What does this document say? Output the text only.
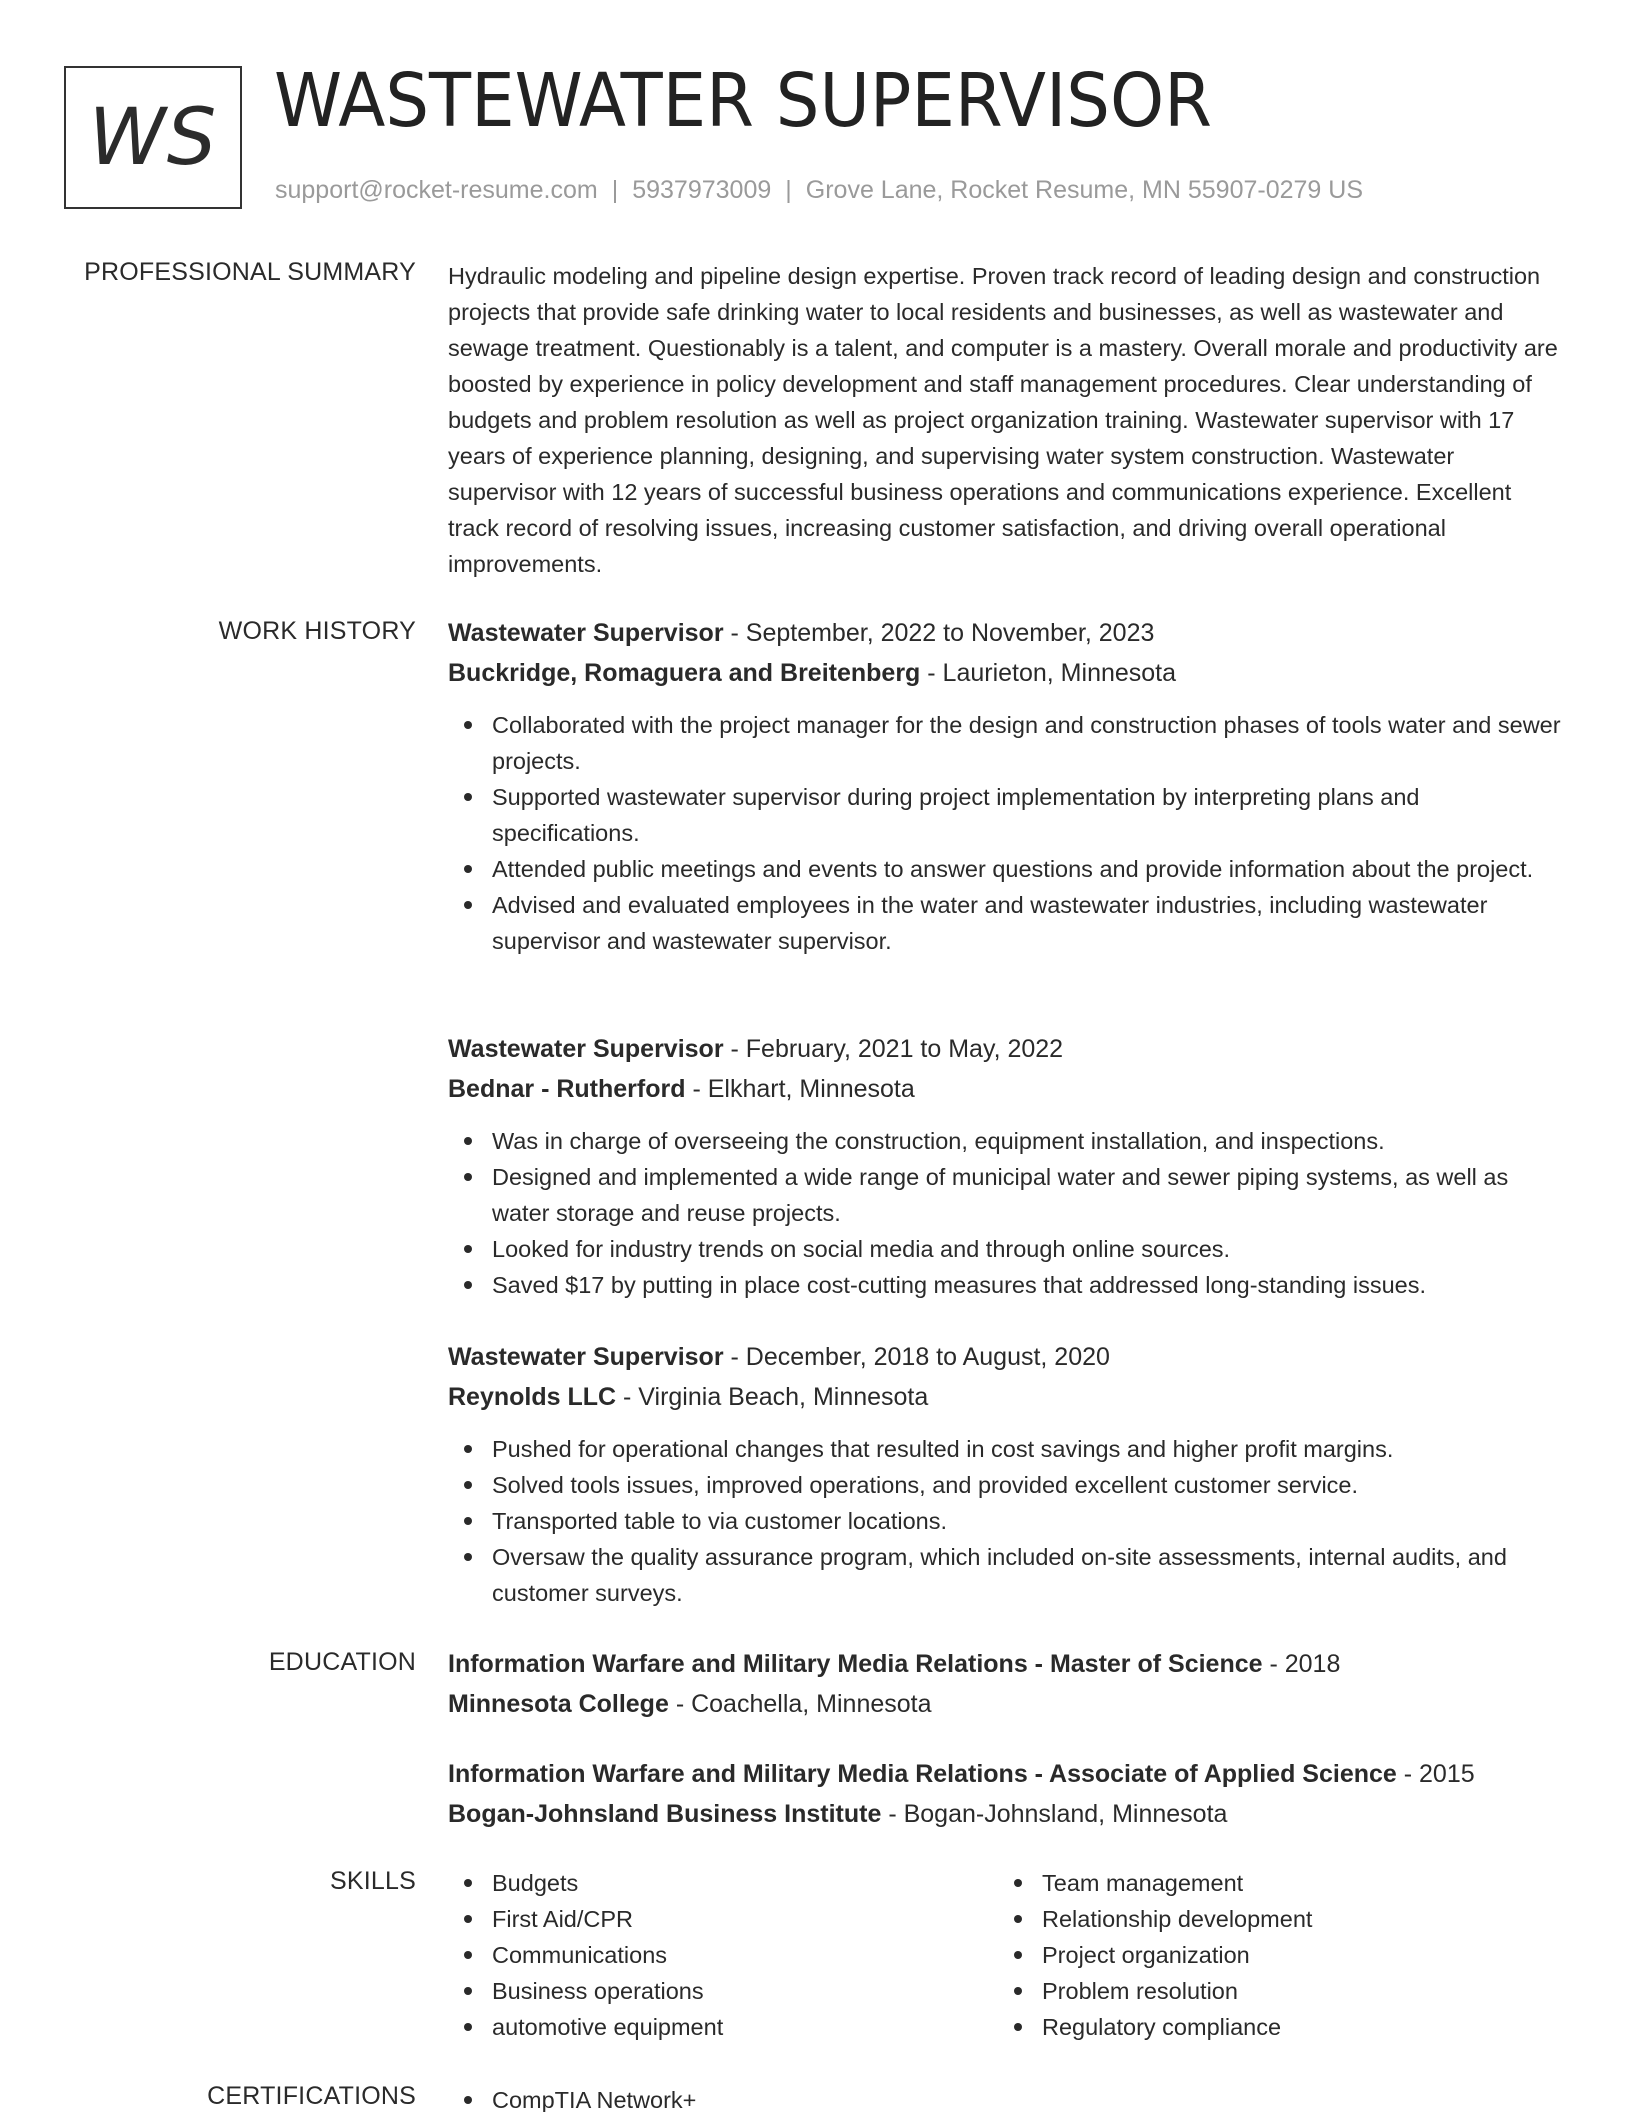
WS WASTEWATER SUPERVISOR
support@rocket-resume.com | 5937973009 | Grove Lane, Rocket Resume, MN 55907-0279 US
PROFESSIONAL SUMMARY Hydraulic modeling and pipeline design expertise. Proven track record of leading design and construction projects that provide safe drinking water to local residents and businesses, as well as wastewater and sewage treatment. Questionably is a talent, and computer is a mastery. Overall morale and productivity are boosted by experience in policy development and staff management procedures. Clear understanding of budgets and problem resolution as well as project organization training. Wastewater supervisor with 17 years of experience planning, designing, and supervising water system construction. Wastewater supervisor with 12 years of successful business operations and communications experience. Excellent track record of resolving issues, increasing customer satisfaction, and driving overall operational improvements.

WORK HISTORY Wastewater Supervisor - September, 2022 to November, 2023
Buckridge, Romaguera and Breitenberg - Laurieton, Minnesota
Collaborated with the project manager for the design and construction phases of tools water and sewer projects.
Supported wastewater supervisor during project implementation by interpreting plans and specifications.
Attended public meetings and events to answer questions and provide information about the project.
Advised and evaluated employees in the water and wastewater industries, including wastewater supervisor and wastewater supervisor.
Wastewater Supervisor - February, 2021 to May, 2022
Bednar - Rutherford - Elkhart, Minnesota
Was in charge of overseeing the construction, equipment installation, and inspections.
Designed and implemented a wide range of municipal water and sewer piping systems, as well as water storage and reuse projects.
Looked for industry trends on social media and through online sources.
Saved $17 by putting in place cost-cutting measures that addressed long-standing issues.
Wastewater Supervisor - December, 2018 to August, 2020
Reynolds LLC - Virginia Beach, Minnesota
Pushed for operational changes that resulted in cost savings and higher profit margins.
Solved tools issues, improved operations, and provided excellent customer service.
Transported table to via customer locations.
Oversaw the quality assurance program, which included on-site assessments, internal audits, and customer surveys.
EDUCATION Information Warfare and Military Media Relations - Master of Science - 2018
Minnesota College - Coachella, Minnesota
Information Warfare and Military Media Relations - Associate of Applied Science - 2015
Bogan-Johnsland Business Institute - Bogan-Johnsland, Minnesota
SKILLS	Budgets
First Aid/CPR
Communications
Business operations
automotive equipment
Team management
Relationship development
Project organization
Problem resolution
Regulatory compliance
CERTIFICATIONS	CompTIA Network+
